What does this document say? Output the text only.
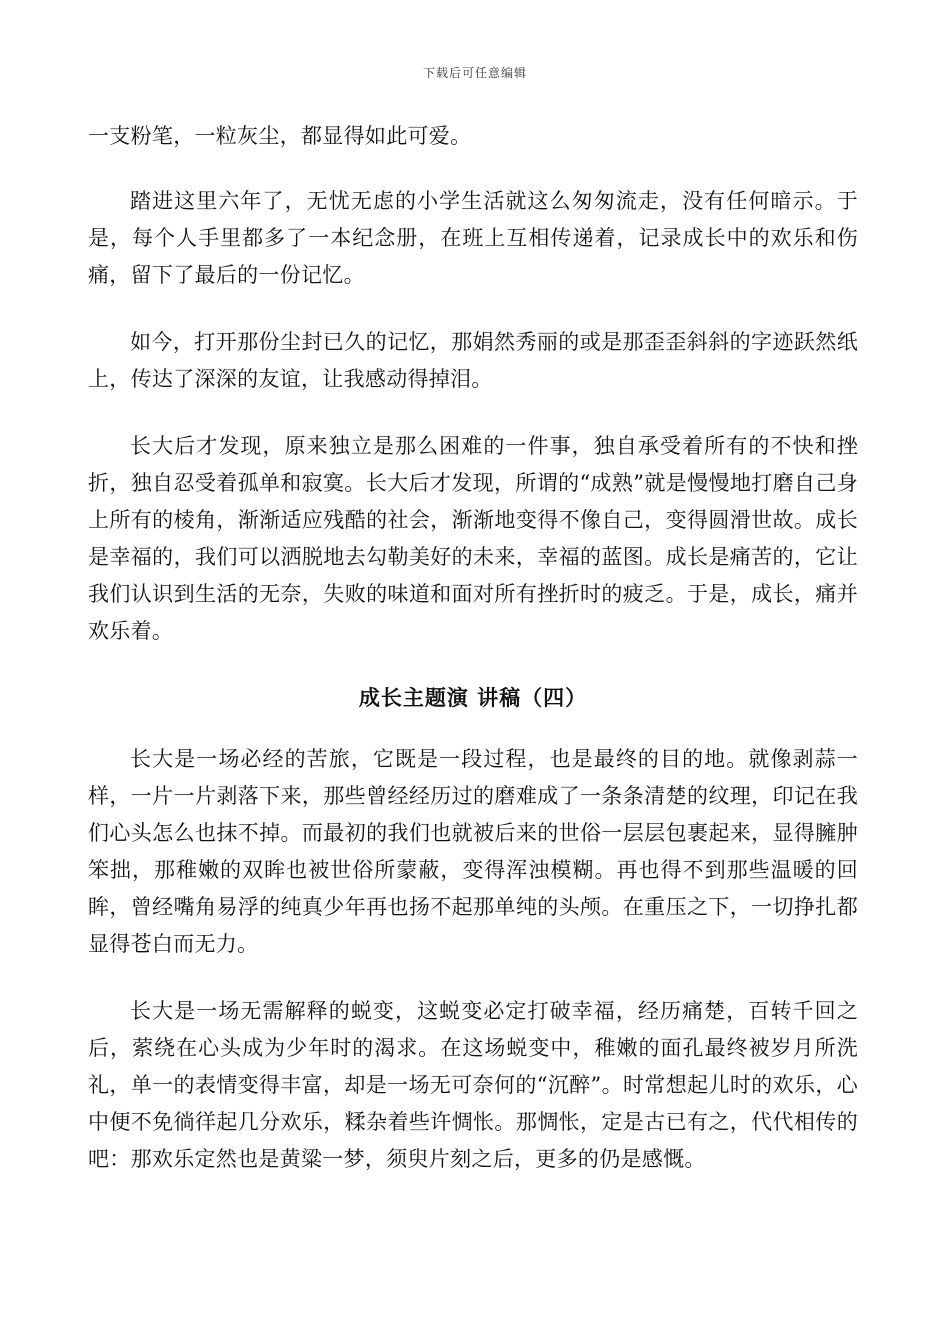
下载后可任意编辑

一支粉笔，一粒灰尘，都显得如此可爱。

踏进这里六年了，无忧无虑的小学生活就这么匆匆流走，没有任何暗示。于是，每个人手里都多了一本纪念册，在班上互相传递着，记录成长中的欢乐和伤痛，留下了最后的一份记忆。

如今，打开那份尘封已久的记忆，那娟然秀丽的或是那歪歪斜斜的字迹跃然纸上，传达了深深的友谊，让我感动得掉泪。

长大后才发现，原来独立是那么困难的一件事，独自承受着所有的不快和挫折，独自忍受着孤单和寂寞。长大后才发现，所谓的“成熟”就是慢慢地打磨自己身上所有的棱角，渐渐适应残酷的社会，渐渐地变得不像自己，变得圆滑世故。成长是幸福的，我们可以洒脱地去勾勒美好的未来，幸福的蓝图。成长是痛苦的，它让我们认识到生活的无奈，失败的味道和面对所有挫折时的疲乏。于是，成长，痛并欢乐着。

成长主题演 讲稿（四）

长大是一场必经的苦旅，它既是一段过程，也是最终的目的地。就像剥蒜一样，一片一片剥落下来，那些曾经经历过的磨难成了一条条清楚的纹理，印记在我们心头怎么也抹不掉。而最初的我们也就被后来的世俗一层层包裹起来，显得臃肿笨拙，那稚嫩的双眸也被世俗所蒙蔽，变得浑浊模糊。再也得不到那些温暖的回眸，曾经嘴角易浮的纯真少年再也扬不起那单纯的头颅。在重压之下，一切挣扎都显得苍白而无力。

长大是一场无需解释的蜕变，这蜕变必定打破幸福，经历痛楚，百转千回之后，萦绕在心头成为少年时的渴求。在这场蜕变中，稚嫩的面孔最终被岁月所洗礼，单一的表情变得丰富，却是一场无可奈何的“沉醉”。时常想起儿时的欢乐，心中便不免徜徉起几分欢乐，糅杂着些许惆怅。那惆怅，定是古已有之，代代相传的吧：那欢乐定然也是黄粱一梦，须臾片刻之后，更多的仍是感慨。
